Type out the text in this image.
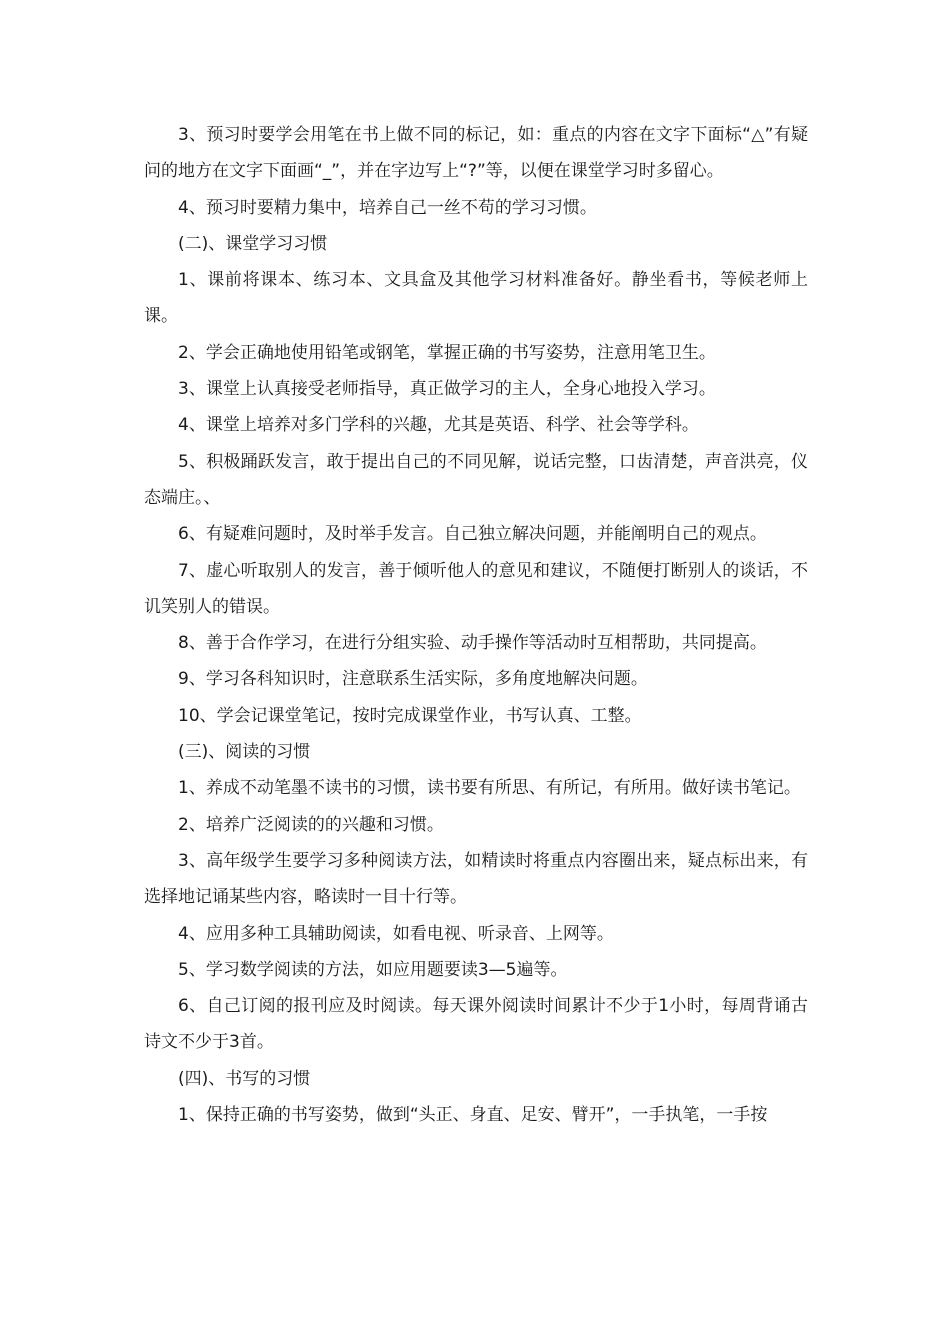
3、预习时要学会用笔在书上做不同的标记，如：重点的内容在文字下面标“△”有疑问的地方在文字下面画“_”，并在字边写上“?”等，以便在课堂学习时多留心。

4、预习时要精力集中，培养自己一丝不苟的学习习惯。

(二)、课堂学习习惯

1、课前将课本、练习本、文具盒及其他学习材料准备好。静坐看书，等候老师上课。

2、学会正确地使用铅笔或钢笔，掌握正确的书写姿势，注意用笔卫生。

3、课堂上认真接受老师指导，真正做学习的主人，全身心地投入学习。

4、课堂上培养对多门学科的兴趣，尤其是英语、科学、社会等学科。

5、积极踊跃发言，敢于提出自己的不同见解，说话完整，口齿清楚，声音洪亮，仪态端庄。、

6、有疑难问题时，及时举手发言。自己独立解决问题，并能阐明自己的观点。

7、虚心听取别人的发言，善于倾听他人的意见和建议，不随便打断别人的谈话，不讥笑别人的错误。

8、善于合作学习，在进行分组实验、动手操作等活动时互相帮助，共同提高。

9、学习各科知识时，注意联系生活实际，多角度地解决问题。

10、学会记课堂笔记，按时完成课堂作业，书写认真、工整。

(三)、阅读的习惯

1、养成不动笔墨不读书的习惯，读书要有所思、有所记，有所用。做好读书笔记。

2、培养广泛阅读的的兴趣和习惯。

3、高年级学生要学习多种阅读方法，如精读时将重点内容圈出来，疑点标出来，有选择地记诵某些内容，略读时一目十行等。

4、应用多种工具辅助阅读，如看电视、听录音、上网等。

5、学习数学阅读的方法，如应用题要读3—5遍等。

6、自己订阅的报刊应及时阅读。每天课外阅读时间累计不少于1小时，每周背诵古诗文不少于3首。

(四)、书写的习惯

1、保持正确的书写姿势，做到“头正、身直、足安、臂开”，一手执笔，一手按
